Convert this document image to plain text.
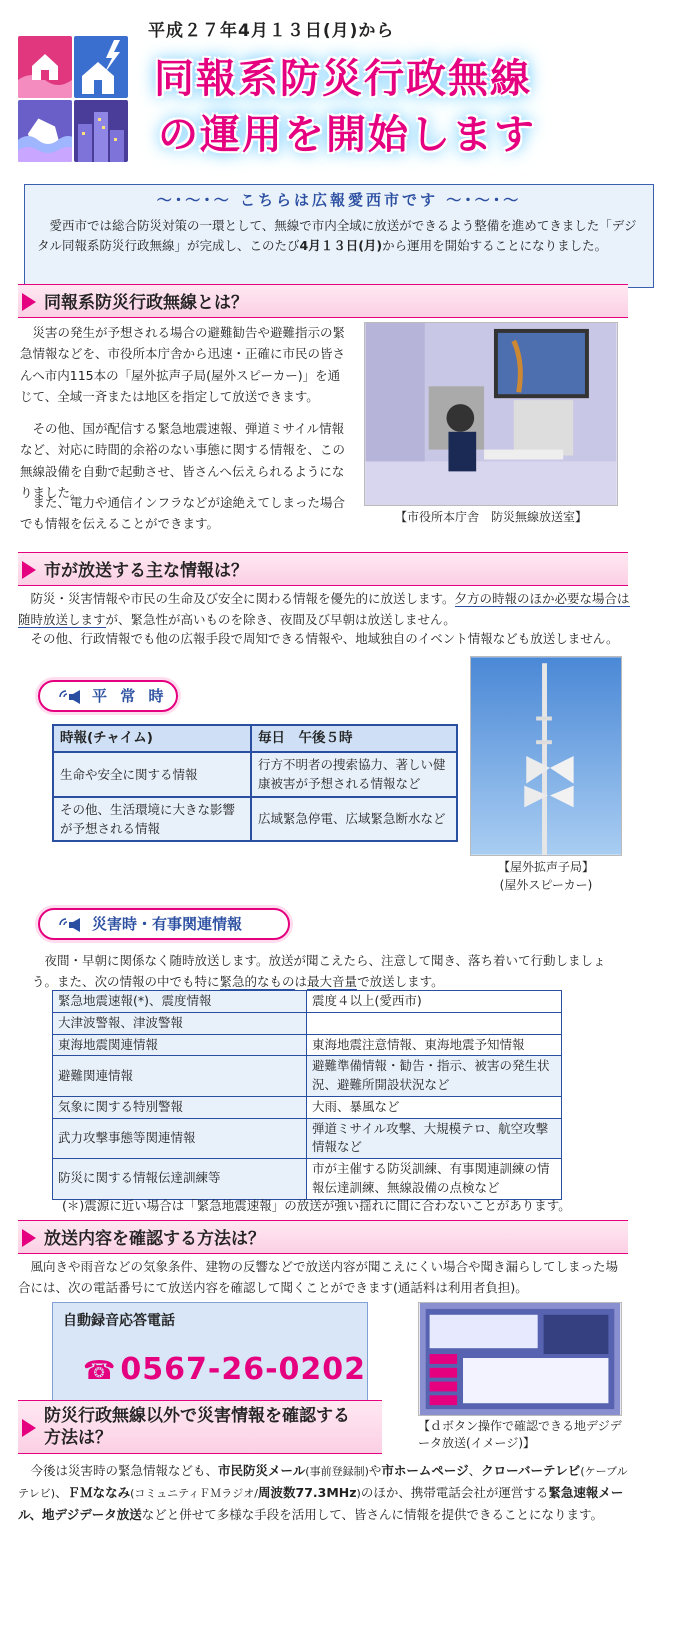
平成２７年4月１３日(月)から
同報系防災行政無線
の運用を開始します
～･～･～ こちらは広報愛西市です ～･～･～
愛西市では総合防災対策の一環として、無線で市内全域に放送ができるよう整備を進めてきました「デジタル同報系防災行政無線」が完成し、このたび4月１３日(月)から運用を開始することになりました。
同報系防災行政無線とは？
災害の発生が予想される場合の避難勧告や避難指示の緊急情報などを、市役所本庁舎から迅速・正確に市民の皆さんへ市内115本の「屋外拡声子局(屋外スピーカー)」を通じて、全域一斉または地区を指定して放送できます。
その他、国が配信する緊急地震速報、弾道ミサイル情報など、対応に時間的余裕のない事態に関する情報を、この無線設備を自動で起動させ、皆さんへ伝えられるようになりました。
また、電力や通信インフラなどが途絶えてしまった場合でも情報を伝えることができます。	【市役所本庁舎　防災無線放送室】
市が放送する主な情報は？
防災・災害情報や市民の生命及び安全に関わる情報を優先的に放送します。夕方の時報のほか必要な場合は随時放送しますが、緊急性が高いものを除き、夜間及び早朝は放送しません。
その他、行政情報でも他の広報手段で周知できる情報や、地域独自のイベント情報なども放送しません。
平 常 時
時報(チャイム)	毎日　午後５時
生命や安全に関する情報	行方不明者の捜索協力、著しい健康被害が予想される情報など
その他、生活環境に大きな影響が予想される情報	広域緊急停電、広域緊急断水など
【屋外拡声子局】
(屋外スピーカー)
災害時・有事関連情報
夜間・早朝に関係なく随時放送します。放送が聞こえたら、注意して聞き、落ち着いて行動しましょう。また、次の情報の中でも特に緊急的なものは最大音量で放送します。
緊急地震速報(*)、震度情報	震度４以上(愛西市)
大津波警報、津波警報	
東海地震関連情報	東海地震注意情報、東海地震予知情報
避難関連情報	避難準備情報・勧告・指示、被害の発生状況、避難所開設状況など
気象に関する特別警報	大雨、暴風など
武力攻撃事態等関連情報	弾道ミサイル攻撃、大規模テロ、航空攻撃情報など
防災に関する情報伝達訓練等	市が主催する防災訓練、有事関連訓練の情報伝達訓練、無線設備の点検など
(＊)震源に近い場合は「緊急地震速報」の放送が強い揺れに間に合わないことがあります。
放送内容を確認する方法は？
風向きや雨音などの気象条件、建物の反響などで放送内容が聞こえにくい場合や聞き漏らしてしまった場合には、次の電話番号にて放送内容を確認して聞くことができます(通話料は利用者負担)。
自動録音応答電話
☎ 0567-26-0202
【ｄボタン操作で確認できる地デジデータ放送(イメージ)】
防災行政無線以外で災害情報を確認する
方法は？
今後は災害時の緊急情報なども、市民防災メール(事前登録制)や市ホームページ、クローバーテレビ(ケーブルテレビ)、ＦＭななみ(コミュニティＦＭラジオ/周波数77.3MHz)のほか、携帯電話会社が運営する緊急速報メール、地デジデータ放送などと併せて多様な手段を活用して、皆さんに情報を提供できることになります。
